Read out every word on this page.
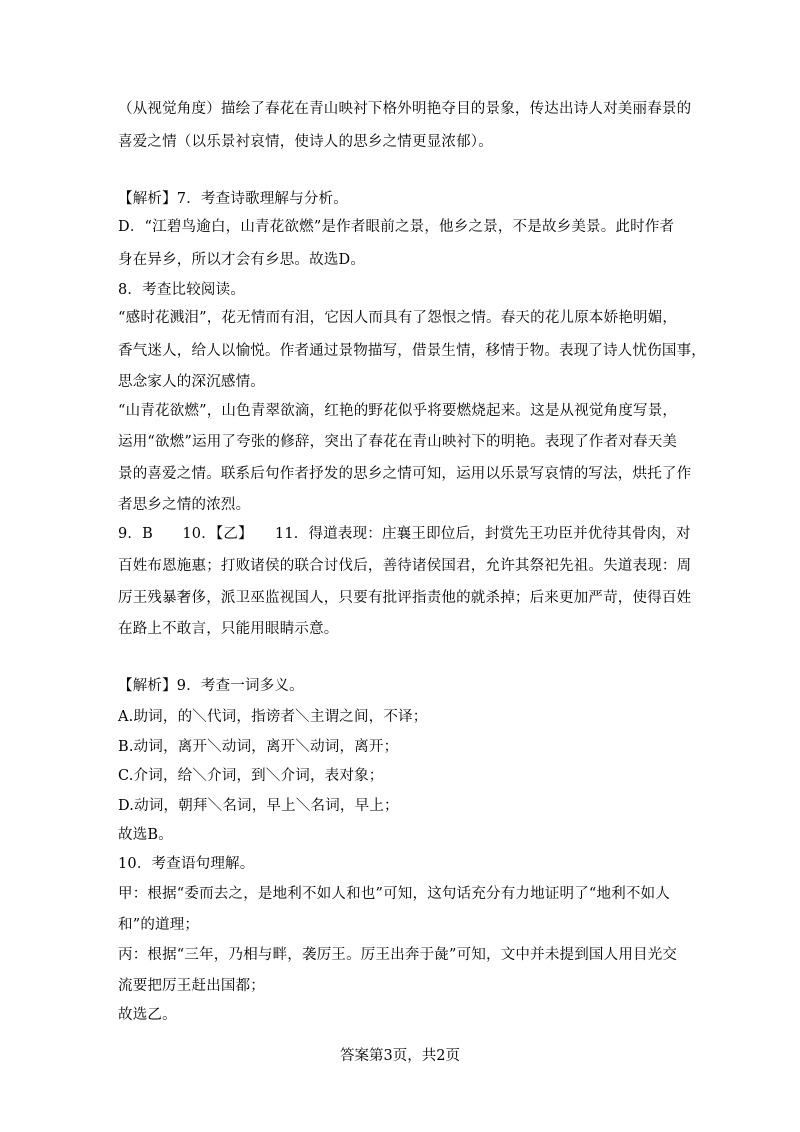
（从视觉角度）描绘了春花在青山映衬下格外明艳夺目的景象，传达出诗人对美丽春景的
喜爱之情（以乐景衬哀情，使诗人的思乡之情更显浓郁）。
【解析】7．考查诗歌理解与分析。
D．“江碧鸟逾白，山青花欲燃”是作者眼前之景，他乡之景，不是故乡美景。此时作者
身在异乡，所以才会有乡思。故选D。
8．考查比较阅读。
“感时花溅泪”，花无情而有泪，它因人而具有了怨恨之情。春天的花儿原本娇艳明媚，
香气迷人，给人以愉悦。作者通过景物描写，借景生情，移情于物。表现了诗人忧伤国事，
思念家人的深沉感情。
“山青花欲燃”，山色青翠欲滴，红艳的野花似乎将要燃烧起来。这是从视觉角度写景，
运用“欲燃”运用了夸张的修辞，突出了春花在青山映衬下的明艳。表现了作者对春天美
景的喜爱之情。联系后句作者抒发的思乡之情可知，运用以乐景写哀情的写法，烘托了作
者思乡之情的浓烈。
9．B　　10．【乙】　　11．得道表现：庄襄王即位后，封赏先王功臣并优待其骨肉，对
百姓布恩施惠；打败诸侯的联合讨伐后，善待诸侯国君，允许其祭祀先祖。失道表现：周
厉王残暴奢侈，派卫巫监视国人，只要有批评指责他的就杀掉；后来更加严苛，使得百姓
在路上不敢言，只能用眼睛示意。
【解析】9．考查一词多义。
A.助词，的＼代词，指谤者＼主谓之间，不译；
B.动词，离开＼动词，离开＼动词，离开；
C.介词，给＼介词，到＼介词，表对象；
D.动词，朝拜＼名词，早上＼名词，早上；
故选B。
10．考查语句理解。
甲：根据“委而去之，是地利不如人和也”可知，这句话充分有力地证明了“地利不如人
和”的道理；
丙：根据“三年，乃相与畔，袭厉王。厉王出奔于彘”可知，文中并未提到国人用目光交
流要把厉王赶出国都；
故选乙。
答案第3页，共2页
